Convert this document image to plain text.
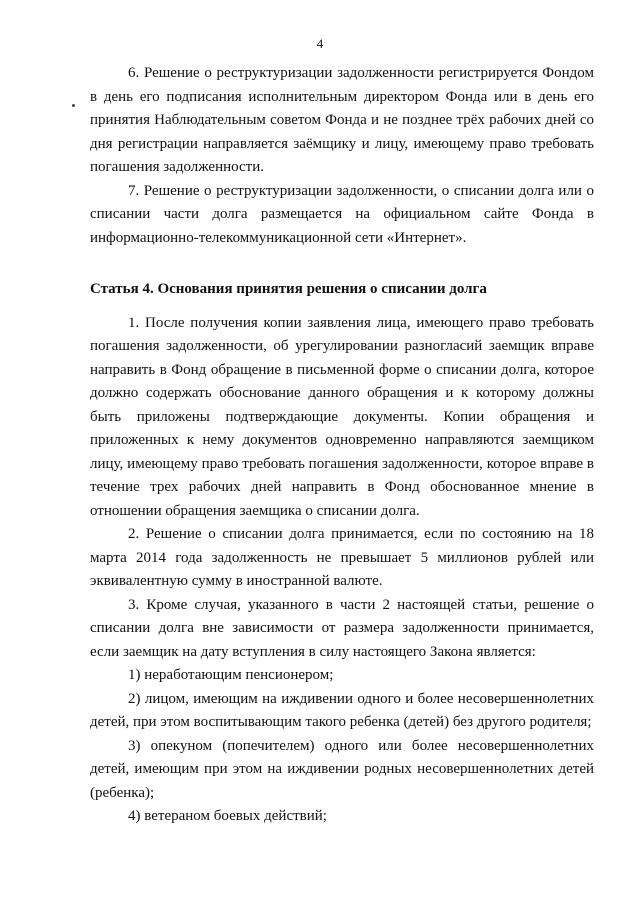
4

6. Решение о реструктуризации задолженности регистрируется Фондом в день его подписания исполнительным директором Фонда или в день его принятия Наблюдательным советом Фонда и не позднее трёх рабочих дней со дня регистрации направляется заёмщику и лицу, имеющему право требовать погашения задолженности.

7. Решение о реструктуризации задолженности, о списании долга или о списании части долга размещается на официальном сайте Фонда в информационно-телекоммуникационной сети «Интернет».

Статья 4. Основания принятия решения о списании долга

1. После получения копии заявления лица, имеющего право требовать погашения задолженности, об урегулировании разногласий заемщик вправе направить в Фонд обращение в письменной форме о списании долга, которое должно содержать обоснование данного обращения и к которому должны быть приложены подтверждающие документы. Копии обращения и приложенных к нему документов одновременно направляются заемщиком лицу, имеющему право требовать погашения задолженности, которое вправе в течение трех рабочих дней направить в Фонд обоснованное мнение в отношении обращения заемщика о списании долга.

2. Решение о списании долга принимается, если по состоянию на 18 марта 2014 года задолженность не превышает 5 миллионов рублей или эквивалентную сумму в иностранной валюте.

3. Кроме случая, указанного в части 2 настоящей статьи, решение о списании долга вне зависимости от размера задолженности принимается, если заемщик на дату вступления в силу настоящего Закона является:

1) неработающим пенсионером;

2) лицом, имеющим на иждивении одного и более несовершеннолетних детей, при этом воспитывающим такого ребенка (детей) без другого родителя;

3) опекуном (попечителем) одного или более несовершеннолетних детей, имеющим при этом на иждивении родных несовершеннолетних детей (ребенка);

4) ветераном боевых действий;
